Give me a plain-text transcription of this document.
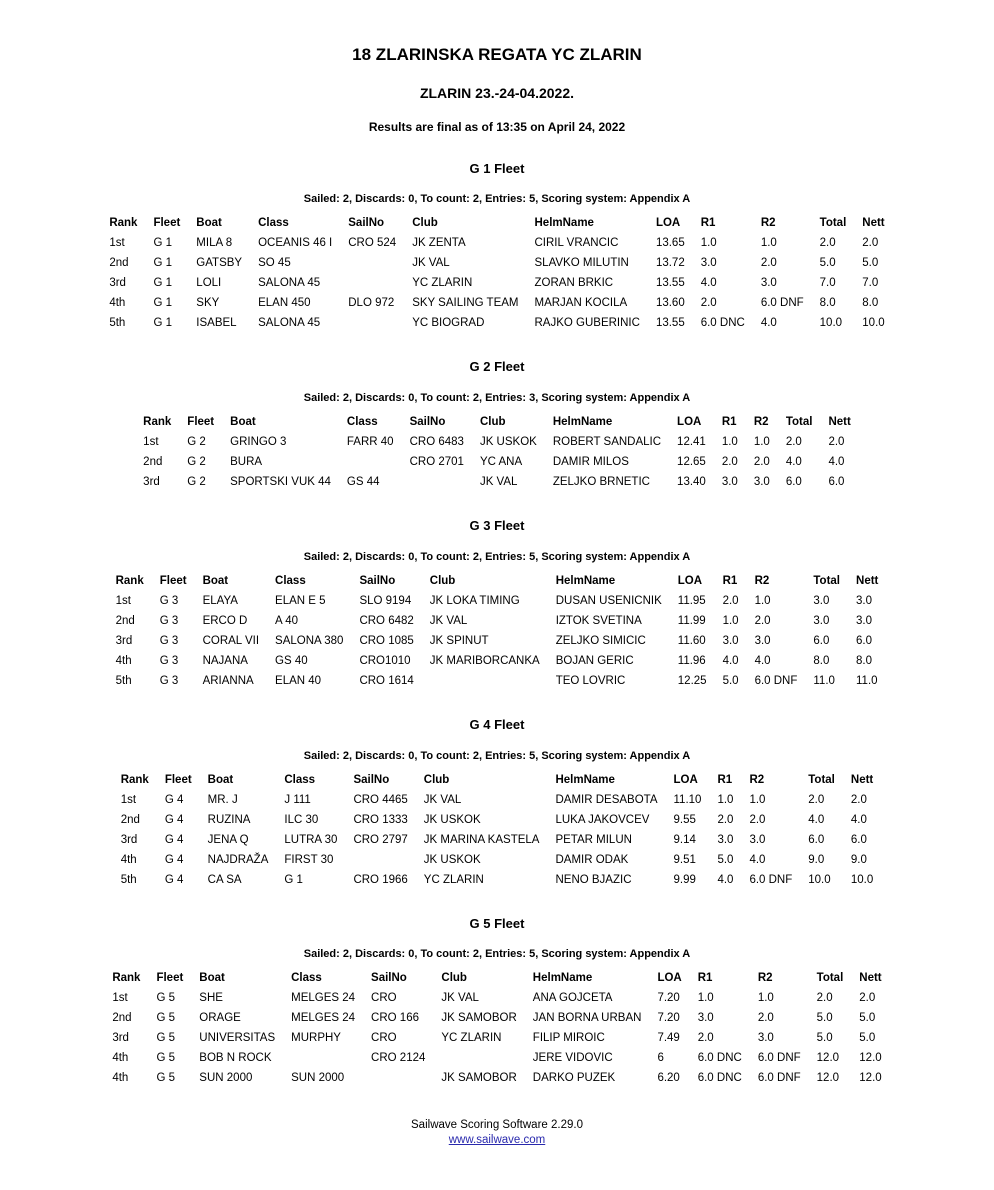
18 ZLARINSKA REGATA YC ZLARIN
ZLARIN 23.-24-04.2022.

Results are final as of 13:35 on April 24, 2022

G 1 Fleet

Sailed: 2, Discards: 0, To count: 2, Entries: 5, Scoring system: Appendix A

Rank	Fleet	Boat	Class	SailNo	Club	HelmName	LOA	R1	R2	Total	Nett
1st	G 1	MILA 8	OCEANIS 46 I	CRO 524	JK ZENTA	CIRIL VRANCIC	13.65	1.0	1.0	2.0	2.0
2nd	G 1	GATSBY	SO 45		JK VAL	SLAVKO MILUTIN	13.72	3.0	2.0	5.0	5.0
3rd	G 1	LOLI	SALONA 45		YC ZLARIN	ZORAN BRKIC	13.55	4.0	3.0	7.0	7.0
4th	G 1	SKY	ELAN 450	DLO 972	SKY SAILING TEAM	MARJAN KOCILA	13.60	2.0	6.0 DNF	8.0	8.0
5th	G 1	ISABEL	SALONA 45		YC BIOGRAD	RAJKO GUBERINIC	13.55	6.0 DNC	4.0	10.0	10.0
G 2 Fleet

Sailed: 2, Discards: 0, To count: 2, Entries: 3, Scoring system: Appendix A

Rank	Fleet	Boat	Class	SailNo	Club	HelmName	LOA	R1	R2	Total	Nett
1st	G 2	GRINGO 3	FARR 40	CRO 6483	JK USKOK	ROBERT SANDALIC	12.41	1.0	1.0	2.0	2.0
2nd	G 2	BURA		CRO 2701	YC ANA	DAMIR MILOS	12.65	2.0	2.0	4.0	4.0
3rd	G 2	SPORTSKI VUK 44	GS 44		JK VAL	ZELJKO BRNETIC	13.40	3.0	3.0	6.0	6.0
G 3 Fleet

Sailed: 2, Discards: 0, To count: 2, Entries: 5, Scoring system: Appendix A

Rank	Fleet	Boat	Class	SailNo	Club	HelmName	LOA	R1	R2	Total	Nett
1st	G 3	ELAYA	ELAN E 5	SLO 9194	JK LOKA TIMING	DUSAN USENICNIK	11.95	2.0	1.0	3.0	3.0
2nd	G 3	ERCO D	A 40	CRO 6482	JK VAL	IZTOK SVETINA	11.99	1.0	2.0	3.0	3.0
3rd	G 3	CORAL VII	SALONA 380	CRO 1085	JK SPINUT	ZELJKO SIMICIC	11.60	3.0	3.0	6.0	6.0
4th	G 3	NAJANA	GS 40	CRO1010	JK MARIBORCANKA	BOJAN GERIC	11.96	4.0	4.0	8.0	8.0
5th	G 3	ARIANNA	ELAN 40	CRO 1614		TEO LOVRIC	12.25	5.0	6.0 DNF	11.0	11.0
G 4 Fleet

Sailed: 2, Discards: 0, To count: 2, Entries: 5, Scoring system: Appendix A

Rank	Fleet	Boat	Class	SailNo	Club	HelmName	LOA	R1	R2	Total	Nett
1st	G 4	MR. J	J 111	CRO 4465	JK VAL	DAMIR DESABOTA	11.10	1.0	1.0	2.0	2.0
2nd	G 4	RUZINA	ILC 30	CRO 1333	JK USKOK	LUKA JAKOVCEV	9.55	2.0	2.0	4.0	4.0
3rd	G 4	JENA Q	LUTRA 30	CRO 2797	JK MARINA KASTELA	PETAR MILUN	9.14	3.0	3.0	6.0	6.0
4th	G 4	NAJDRAŽA	FIRST 30		JK USKOK	DAMIR ODAK	9.51	5.0	4.0	9.0	9.0
5th	G 4	CA SA	G 1	CRO 1966	YC ZLARIN	NENO BJAZIC	9.99	4.0	6.0 DNF	10.0	10.0
G 5 Fleet

Sailed: 2, Discards: 0, To count: 2, Entries: 5, Scoring system: Appendix A

Rank	Fleet	Boat	Class	SailNo	Club	HelmName	LOA	R1	R2	Total	Nett
1st	G 5	SHE	MELGES 24	CRO	JK VAL	ANA GOJCETA	7.20	1.0	1.0	2.0	2.0
2nd	G 5	ORAGE	MELGES 24	CRO 166	JK SAMOBOR	JAN BORNA URBAN	7.20	3.0	2.0	5.0	5.0
3rd	G 5	UNIVERSITAS	MURPHY	CRO	YC ZLARIN	FILIP MIROIC	7.49	2.0	3.0	5.0	5.0
4th	G 5	BOB N ROCK		CRO 2124		JERE VIDOVIC	6	6.0 DNC	6.0 DNF	12.0	12.0
4th	G 5	SUN 2000	SUN 2000		JK SAMOBOR	DARKO PUZEK	6.20	6.0 DNC	6.0 DNF	12.0	12.0
Sailwave Scoring Software 2.29.0
www.sailwave.com
